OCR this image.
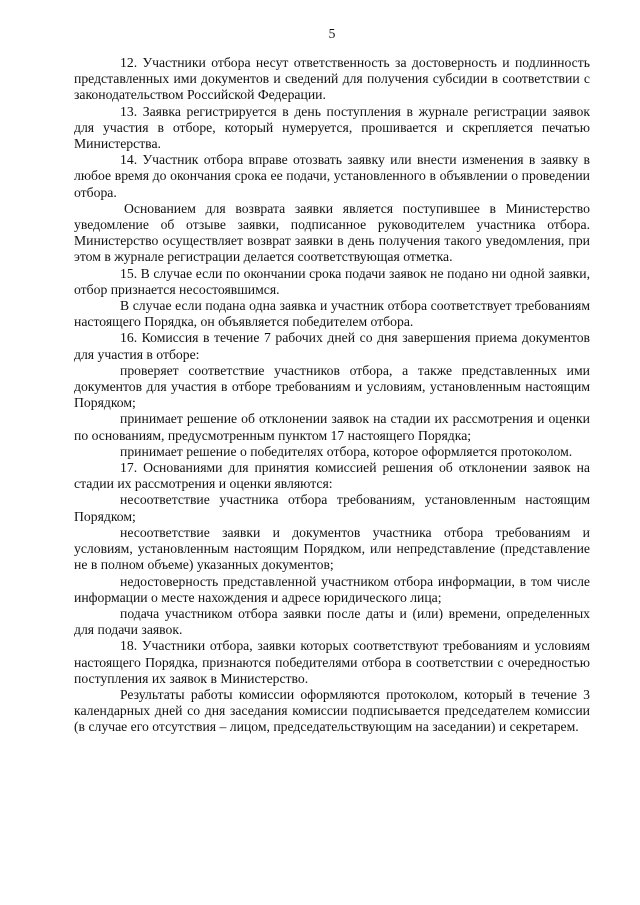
5

12. Участники отбора несут ответственность за достоверность и подлинность представленных ими документов и сведений для получения субсидии в соответствии с законодательством Российской Федерации.

13. Заявка регистрируется в день поступления в журнале регистрации заявок для участия в отборе, который нумеруется, прошивается и скрепляется печатью Министерства.

14. Участник отбора вправе отозвать заявку или внести изменения в заявку в любое время до окончания срока ее подачи, установленного в объявлении о проведении отбора.

Основанием для возврата заявки является поступившее в Министерство уведомление об отзыве заявки, подписанное руководителем участника отбора. Министерство осуществляет возврат заявки в день получения такого уведомления, при этом в журнале регистрации делается соответствующая отметка.

15. В случае если по окончании срока подачи заявок не подано ни одной заявки, отбор признается несостоявшимся.

В случае если подана одна заявка и участник отбора соответствует требованиям настоящего Порядка, он объявляется победителем отбора.

16. Комиссия в течение 7 рабочих дней со дня завершения приема документов для участия в отборе:

проверяет соответствие участников отбора, а также представленных ими документов для участия в отборе требованиям и условиям, установленным настоящим Порядком;

принимает решение об отклонении заявок на стадии их рассмотрения и оценки по основаниям, предусмотренным пунктом 17 настоящего Порядка;

принимает решение о победителях отбора, которое оформляется протоколом.

17. Основаниями для принятия комиссией решения об отклонении заявок на стадии их рассмотрения и оценки являются:

несоответствие участника отбора требованиям, установленным настоящим Порядком;

несоответствие заявки и документов участника отбора требованиям и условиям, установленным настоящим Порядком, или непредставление (представление не в полном объеме) указанных документов;

недостоверность представленной участником отбора информации, в том числе информации о месте нахождения и адресе юридического лица;

подача участником отбора заявки после даты и (или) времени, определенных для подачи заявок.

18. Участники отбора, заявки которых соответствуют требованиям и условиям настоящего Порядка, признаются победителями отбора в соответствии с очередностью поступления их заявок в Министерство.

Результаты работы комиссии оформляются протоколом, который в течение 3 календарных дней со дня заседания комиссии подписывается председателем комиссии (в случае его отсутствия – лицом, председательствующим на заседании) и секретарем.
